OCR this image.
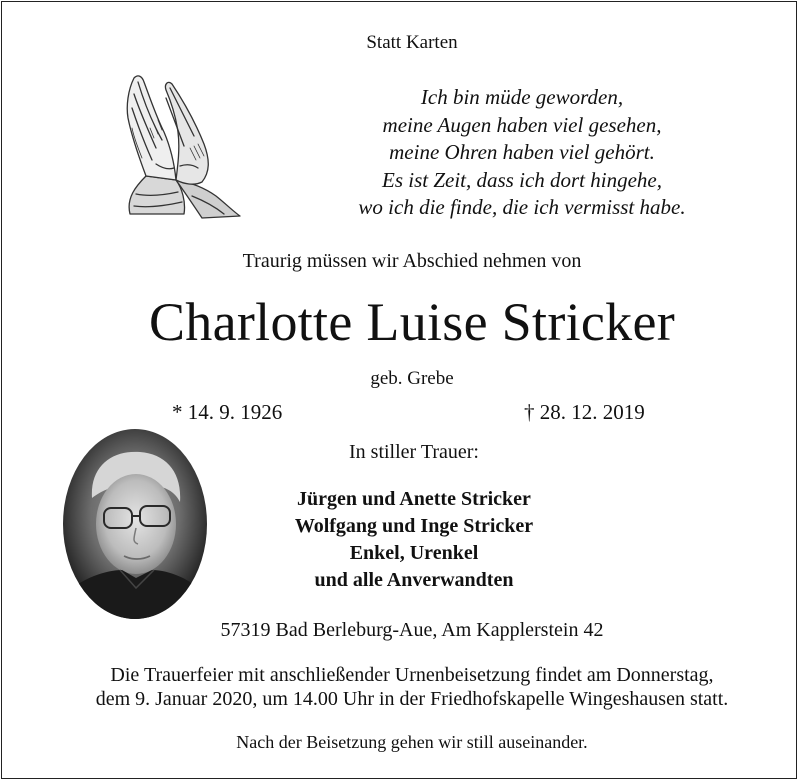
Statt Karten
Ich bin müde geworden,
meine Augen haben viel gesehen,
meine Ohren haben viel gehört.
Es ist Zeit, dass ich dort hingehe,
wo ich die finde, die ich vermisst habe.
Traurig müssen wir Abschied nehmen von
Charlotte Luise Stricker
geb. Grebe
* 14. 9. 1926	† 28. 12. 2019
In stiller Trauer:
Jürgen und Anette Stricker
Wolfgang und Inge Stricker
Enkel, Urenkel
und alle Anverwandten
57319 Bad Berleburg-Aue, Am Kapplerstein 42
Die Trauerfeier mit anschließender Urnenbeisetzung findet am Donnerstag,
dem 9. Januar 2020, um 14.00 Uhr in der Friedhofskapelle Wingeshausen statt.
Nach der Beisetzung gehen wir still auseinander.
